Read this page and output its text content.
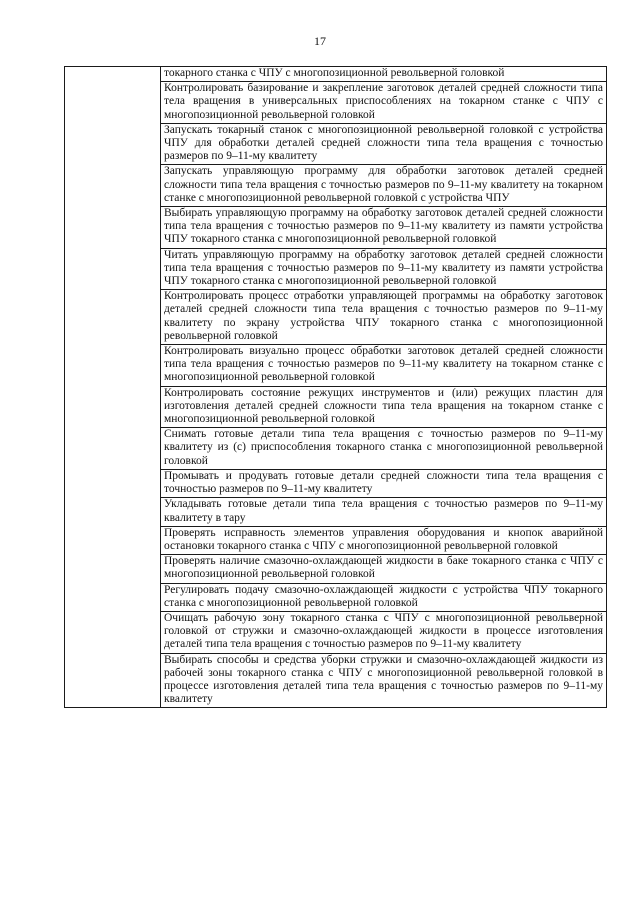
17
	токарного станка с ЧПУ с многопозиционной револьверной головкой
Контролировать базирование и закрепление заготовок деталей средней сложности типа тела вращения в универсальных приспособлениях на токарном станке с ЧПУ с многопозиционной револьверной головкой
Запускать токарный станок с многопозиционной револьверной головкой с устройства ЧПУ для обработки деталей средней сложности типа тела вращения с точностью размеров по 9–11-му квалитету
Запускать управляющую программу для обработки заготовок деталей средней сложности типа тела вращения с точностью размеров по 9–11-му квалитету на токарном станке с многопозиционной револьверной головкой с устройства ЧПУ
Выбирать управляющую программу на обработку заготовок деталей средней сложности типа тела вращения с точностью размеров по 9–11-му квалитету из памяти устройства ЧПУ токарного станка с многопозиционной револьверной головкой
Читать управляющую программу на обработку заготовок деталей средней сложности типа тела вращения с точностью размеров по 9–11-му квалитету из памяти устройства ЧПУ токарного станка с многопозиционной револьверной головкой
Контролировать процесс отработки управляющей программы на обработку заготовок деталей средней сложности типа тела вращения с точностью размеров по 9–11-му квалитету по экрану устройства ЧПУ токарного станка с многопозиционной револьверной головкой
Контролировать визуально процесс обработки заготовок деталей средней сложности типа тела вращения с точностью размеров по 9–11-му квалитету на токарном станке с многопозиционной револьверной головкой
Контролировать состояние режущих инструментов и (или) режущих пластин для изготовления деталей средней сложности типа тела вращения на токарном станке с многопозиционной револьверной головкой
Снимать готовые детали типа тела вращения с точностью размеров по 9–11-му квалитету из (с) приспособления токарного станка с многопозиционной револьверной головкой
Промывать и продувать готовые детали средней сложности типа тела вращения с точностью размеров по 9–11-му квалитету
Укладывать готовые детали типа тела вращения с точностью размеров по 9–11-му квалитету в тару
Проверять исправность элементов управления оборудования и кнопок аварийной остановки токарного станка с ЧПУ с многопозиционной револьверной головкой
Проверять наличие смазочно-охлаждающей жидкости в баке токарного станка с ЧПУ с многопозиционной револьверной головкой
Регулировать подачу смазочно-охлаждающей жидкости с устройства ЧПУ токарного станка с многопозиционной револьверной головкой
Очищать рабочую зону токарного станка с ЧПУ с многопозиционной револьверной головкой от стружки и смазочно-охлаждающей жидкости в процессе изготовления деталей типа тела вращения с точностью размеров по 9–11-му квалитету
Выбирать способы и средства уборки стружки и смазочно-охлаждающей жидкости из рабочей зоны токарного станка с ЧПУ с многопозиционной револьверной головкой в процессе изготовления деталей типа тела вращения с точностью размеров по 9–11-му квалитету
